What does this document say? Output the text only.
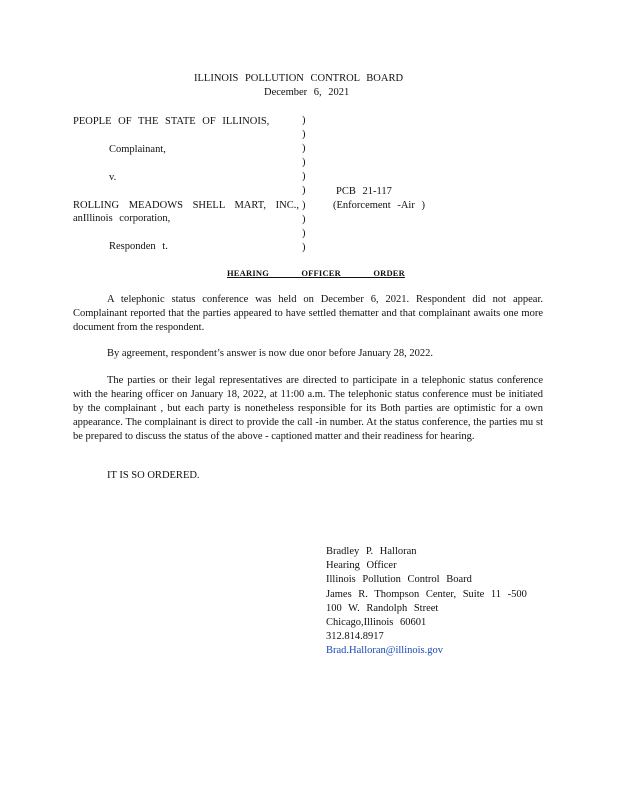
ILLINOIS POLLUTION CONTROL BOARD
December 6, 2021
PEOPLE OF THE STATE OF ILLINOIS,
Complainant,
v.
ROLLING MEADOWS SHELL MART, INC.,
anIllinois corporation,
Responden t.
)
)
)
)
)
)
)
)
)
)
PCB 21-117
(Enforcement -Air )
HEARING OFFICER ORDER
A telephonic status conference was held on December 6, 2021. Respondent did not appear. Complainant reported that the parties appeared to have settled thematter and that complainant awaits one more document from the respondent.
By agreement, respondent’s answer is now due onor before January 28, 2022.
The parties or their legal representatives are directed to participate in a telephonic status conference with the hearing officer on January 18, 2022, at 11:00 a.m. The telephonic status conference must be initiated by the complainant , but each party is nonetheless responsible for its Both parties are optimistic for a own appearance. The complainant is direct to provide the call -in number. At the status conference, the parties mu st be prepared to discuss the status of the above - captioned matter and their readiness for hearing.
IT IS SO ORDERED.
Bradley P. Halloran
Hearing Officer
Illinois Pollution Control Board
James R. Thompson Center, Suite 11 -500
100 W. Randolph Street
Chicago,Illinois 60601
312.814.8917
Brad.Halloran@illinois.gov
